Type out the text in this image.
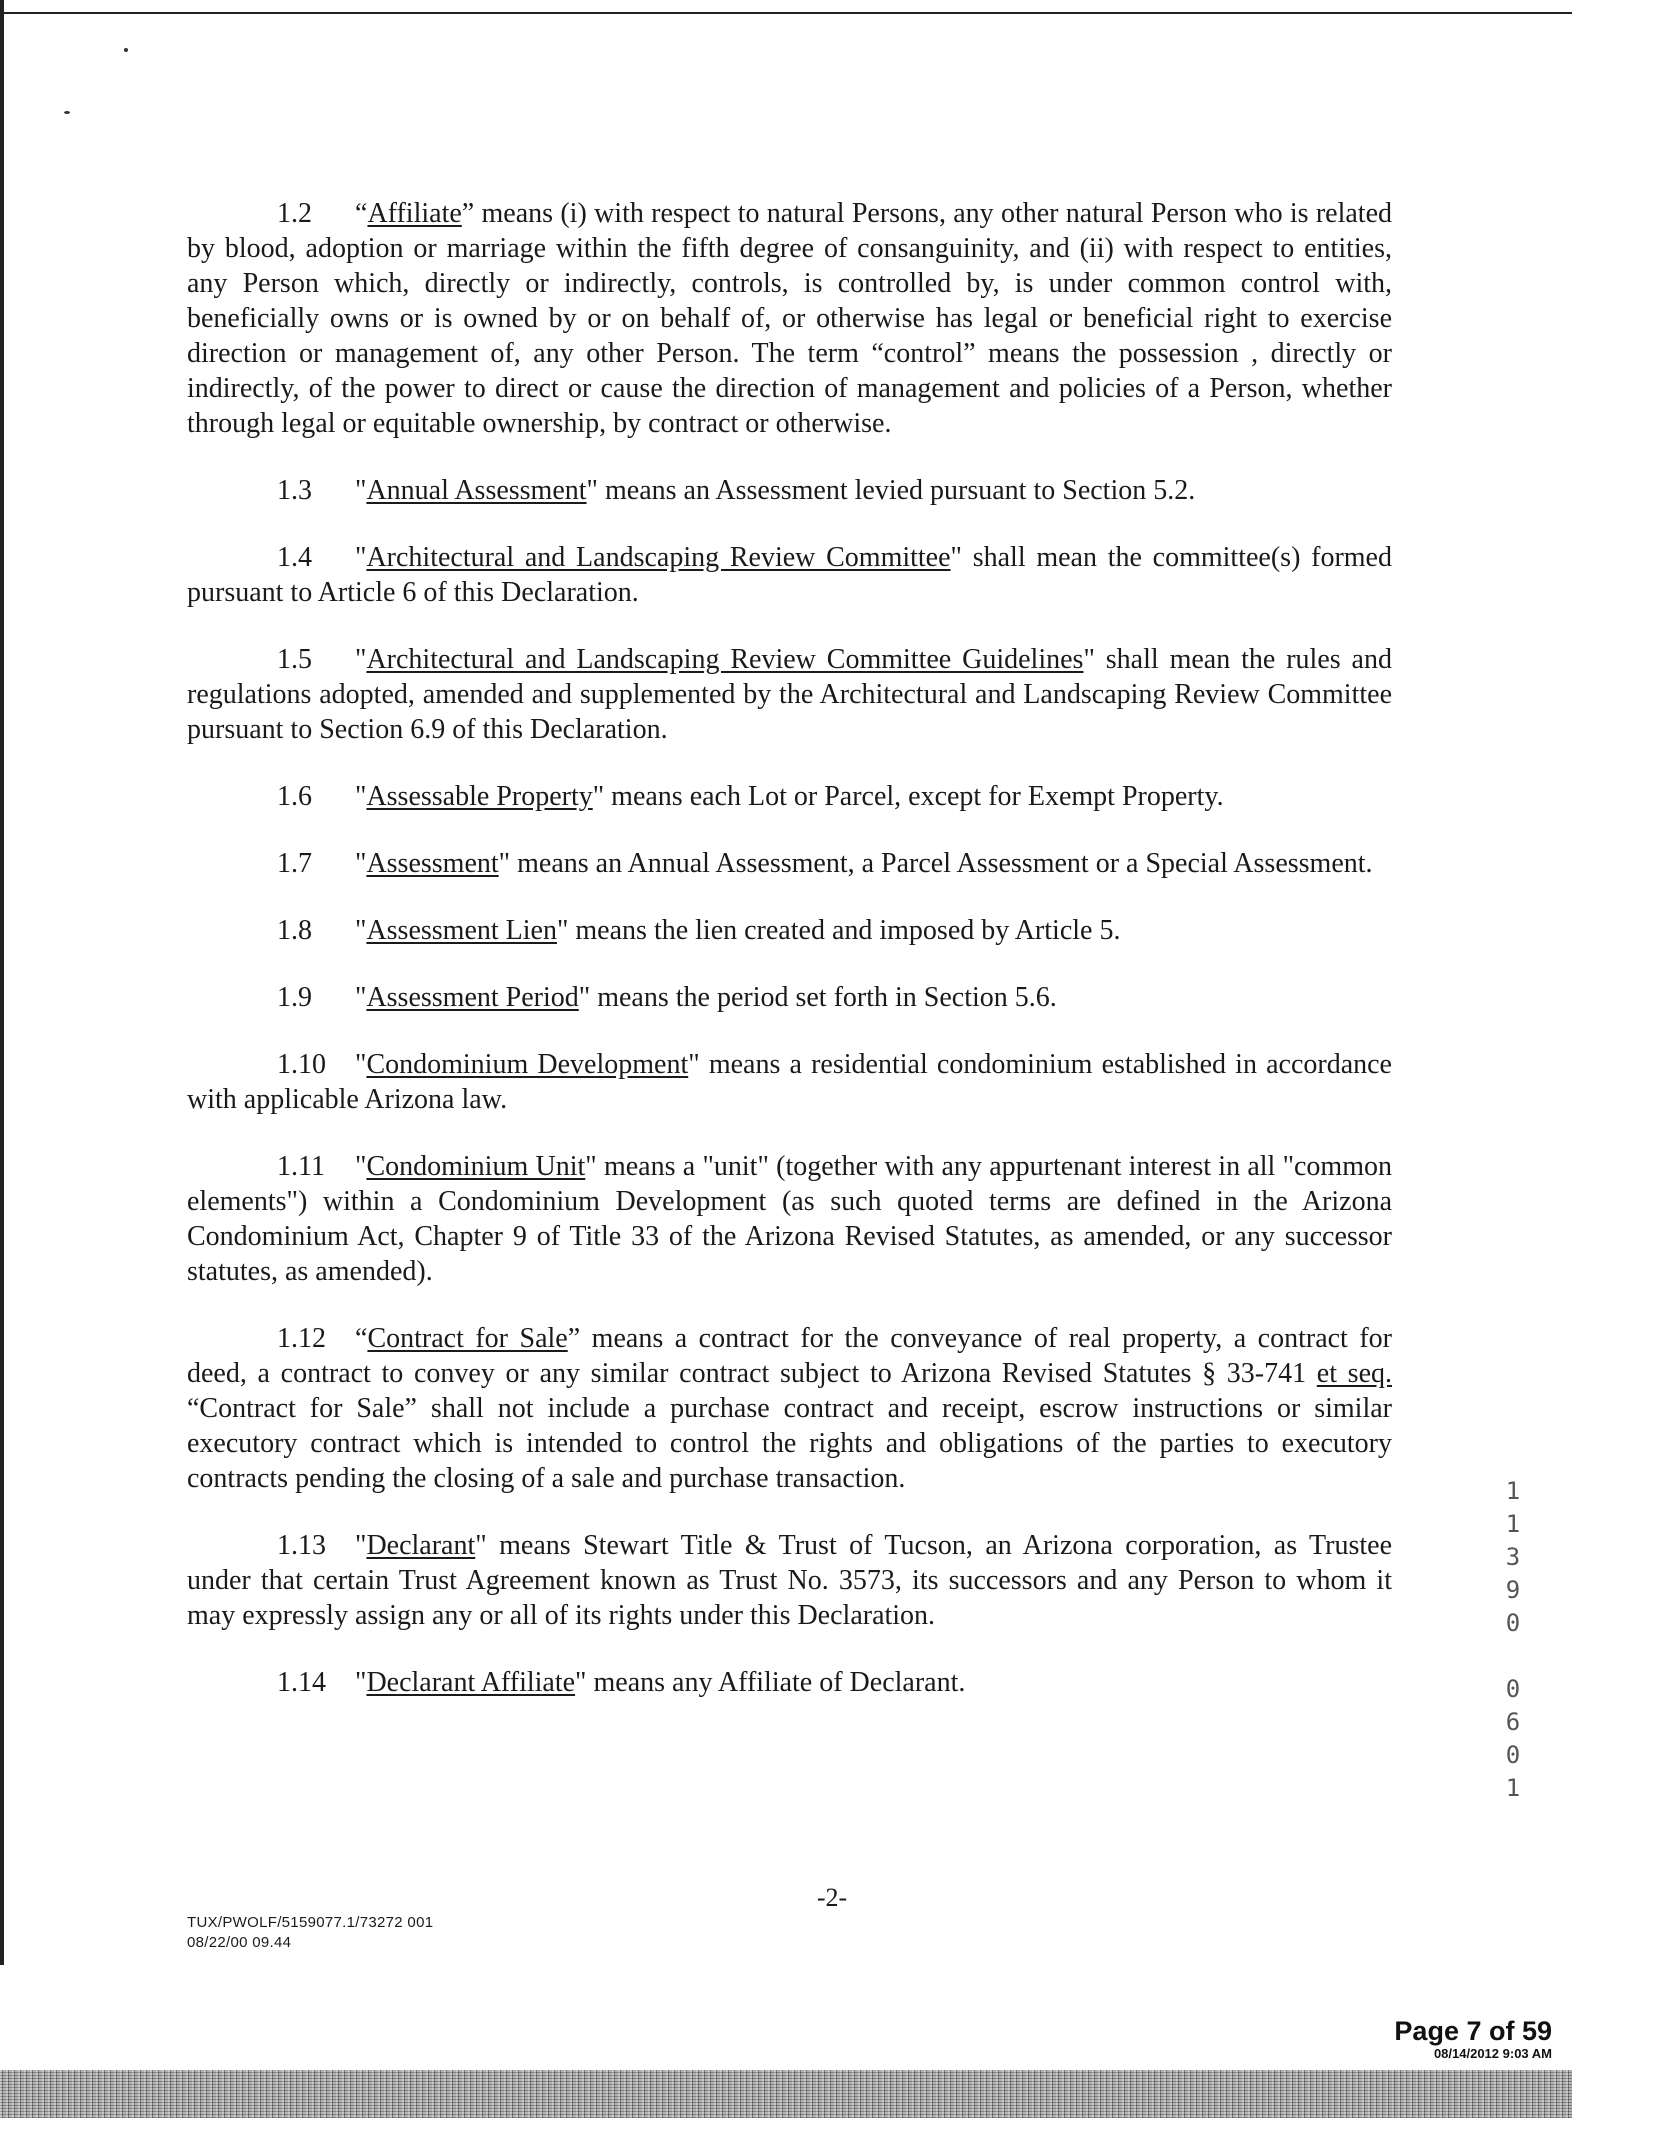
1.2 “Affiliate” means (i) with respect to natural Persons, any other natural Person who is related by blood, adoption or marriage within the fifth degree of consanguinity, and (ii) with respect to entities, any Person which, directly or indirectly, controls, is controlled by, is under common control with, beneficially owns or is owned by or on behalf of, or otherwise has legal or beneficial right to exercise direction or management of, any other Person. The term “control” means the possession , directly or indirectly, of the power to direct or cause the direction of management and policies of a Person, whether through legal or equitable ownership, by contract or otherwise.

1.3 "Annual Assessment" means an Assessment levied pursuant to Section 5.2.

1.4 "Architectural and Landscaping Review Committee" shall mean the committee(s) formed pursuant to Article 6 of this Declaration.

1.5 "Architectural and Landscaping Review Committee Guidelines" shall mean the rules and regulations adopted, amended and supplemented by the Architectural and Landscaping Review Committee pursuant to Section 6.9 of this Declaration.

1.6 "Assessable Property" means each Lot or Parcel, except for Exempt Property.

1.7 "Assessment" means an Annual Assessment, a Parcel Assessment or a Special Assessment.

1.8 "Assessment Lien" means the lien created and imposed by Article 5.

1.9 "Assessment Period" means the period set forth in Section 5.6.

1.10 "Condominium Development" means a residential condominium established in accordance with applicable Arizona law.

1.11 "Condominium Unit" means a "unit" (together with any appurtenant interest in all "common elements") within a Condominium Development (as such quoted terms are defined in the Arizona Condominium Act, Chapter 9 of Title 33 of the Arizona Revised Statutes, as amended, or any successor statutes, as amended).

1.12 “Contract for Sale” means a contract for the conveyance of real property, a contract for deed, a contract to convey or any similar contract subject to Arizona Revised Statutes § 33-741 et seq. “Contract for Sale” shall not include a purchase contract and receipt, escrow instructions or similar executory contract which is intended to control the rights and obligations of the parties to executory contracts pending the closing of a sale and purchase transaction.

1.13 "Declarant" means Stewart Title & Trust of Tucson, an Arizona corporation, as Trustee under that certain Trust Agreement known as Trust No. 3573, its successors and any Person to whom it may expressly assign any or all of its rights under this Declaration.

1.14 "Declarant Affiliate" means any Affiliate of Declarant.

1
1
3
9
0
0
6
0
1
-2-
TUX/PWOLF/5159077.1/73272 001
08/22/00 09.44
Page 7 of 59
08/14/2012 9:03 AM
